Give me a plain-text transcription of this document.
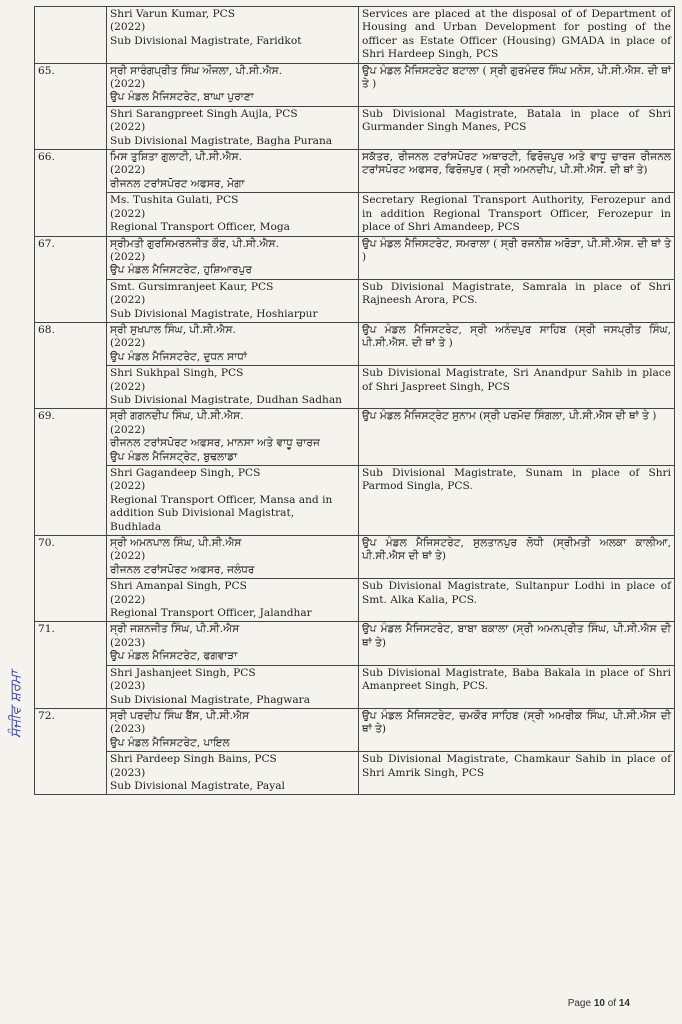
	Shri Varun Kumar, PCS
(2022)
Sub Divisional Magistrate, Faridkot	Services are placed at the disposal of of Department of Housing and Urban Development for posting of the officer as Estate Officer (Housing) GMADA in place of Shri Hardeep Singh, PCS
65.	ਸ੍ਰੀ ਸਾਰੰਗਪ੍ਰੀਤ ਸਿੰਘ ਔਜਲਾ, ਪੀ.ਸੀ.ਐਸ.
(2022)
ਉਪ ਮੰਡਲ ਮੈਜਿਸਟਰੇਟ, ਬਾਘਾ ਪੁਰਾਣਾ	ਉਪ ਮੰਡਲ ਮੈਜਿਸਟਰੇਟ ਬਟਾਲਾ ( ਸ੍ਰੀ ਗੁਰਮੰਦਰ ਸਿੰਘ ਮਨੇਸ, ਪੀ.ਸੀ.ਐਸ. ਦੀ ਥਾਂ ਤੇ )

	Shri Sarangpreet Singh Aujla, PCS
(2022)
Sub Divisional Magistrate, Bagha Purana	Sub Divisional Magistrate, Batala in place of Shri Gurmander Singh Manes, PCS
66.	ਮਿਸ ਤੁਸ਼ਿਤਾ ਗੁਲਾਟੀ, ਪੀ.ਸੀ.ਐਸ.
(2022)
ਰੀਜਨਲ ਟਰਾਂਸਪੋਰਟ ਅਫਸਰ, ਮੋਗਾ	ਸਕੱਤਰ, ਰੀਜਨਲ ਟਰਾਂਸਪੋਰਟ ਅਥਾਰਟੀ, ਫਿਰੋਜ਼ਪੁਰ ਅਤੇ ਵਾਧੂ ਚਾਰਜ ਰੀਜਨਲ ਟਰਾਂਸਪੋਰਟ ਅਫਸਰ, ਫਿਰੋਜ਼ਪੁਰ ( ਸ੍ਰੀ ਅਮਨਦੀਪ, ਪੀ.ਸੀ.ਐਸ. ਦੀ ਥਾਂ ਤੇ)

	Ms. Tushita Gulati, PCS
(2022)
Regional Transport Officer, Moga	Secretary Regional Transport Authority, Ferozepur and in addition Regional Transport Officer, Ferozepur in place of Shri Amandeep, PCS
67.	ਸ੍ਰੀਮਤੀ ਗੁਰਸਿਮਰਨਜੀਤ ਕੌਰ, ਪੀ.ਸੀ.ਐਸ.
(2022)
ਉਪ ਮੰਡਲ ਮੈਜਿਸਟਰੇਟ, ਹੁਸ਼ਿਆਰਪੁਰ	ਉਪ ਮੰਡਲ ਮੈਜਿਸਟਰੇਟ, ਸਮਰਾਲਾ ( ਸ੍ਰੀ ਰਜਨੀਸ਼ ਅਰੋੜਾ, ਪੀ.ਸੀ.ਐਸ. ਦੀ ਥਾਂ ਤੇ )

	Smt. Gursimranjeet Kaur, PCS
(2022)
Sub Divisional Magistrate, Hoshiarpur	Sub Divisional Magistrate, Samrala in place of Shri Rajneesh Arora, PCS.
68.	ਸ੍ਰੀ ਸੁਖਪਾਲ ਸਿੰਘ, ਪੀ.ਸੀ.ਐਸ.
(2022)
ਉਪ ਮੰਡਲ ਮੈਜਿਸਟਰੇਟ, ਦੁਧਨ ਸਾਧਾਂ	ਉਪ ਮੰਡਲ ਮੈਜਿਸਟਰੇਟ, ਸ੍ਰੀ ਅਨੰਦਪੁਰ ਸਾਹਿਬ (ਸ੍ਰੀ ਜਸਪ੍ਰੀਤ ਸਿੰਘ, ਪੀ.ਸੀ.ਐਸ. ਦੀ ਥਾਂ ਤੇ )

	Shri Sukhpal Singh, PCS
(2022)
Sub Divisional Magistrate, Dudhan Sadhan	Sub Divisional Magistrate, Sri Anandpur Sahib in place of Shri Jaspreet Singh, PCS
69.	ਸ੍ਰੀ ਗਗਨਦੀਪ ਸਿੰਘ, ਪੀ.ਸੀ.ਐਸ.
(2022)
ਰੀਜਨਲ ਟਰਾਂਸਪੋਰਟ ਅਫਸਰ, ਮਾਨਸਾ ਅਤੇ ਵਾਧੂ ਚਾਰਜ
ਉਪ ਮੰਡਲ ਮੈਜਿਸਟ੍ਰੇਟ, ਬੁਢਲਾਡਾ	ਉਪ ਮੰਡਲ ਮੈਜਿਸਟ੍ਰੇਟ ਸੁਨਾਮ (ਸ੍ਰੀ ਪਰਮੋਦ ਸਿੰਗਲਾ, ਪੀ.ਸੀ.ਐਸ ਦੀ ਥਾਂ ਤੇ )

	Shri Gagandeep Singh, PCS
(2022)
Regional Transport Officer, Mansa and in
addition Sub Divisional Magistrat,
Budhlada	Sub Divisional Magistrate, Sunam in place of Shri Parmod Singla, PCS.
70.	ਸ੍ਰੀ ਅਮਨਪਾਲ ਸਿੰਘ, ਪੀ.ਸੀ.ਐਸ
(2022)
ਰੀਜਨਲ ਟਰਾਂਸਪੋਰਟ ਅਫਸਰ, ਜਲੰਧਰ	ਉਪ ਮੰਡਲ ਮੈਜਿਸਟਰੇਟ, ਸੁਲਤਾਨਪੁਰ ਲੋਧੀ (ਸ੍ਰੀਮਤੀ ਅਲਕਾ ਕਾਲੀਆ, ਪੀ.ਸੀ.ਐਸ ਦੀ ਥਾਂ ਤੇ)

	Shri Amanpal Singh, PCS
(2022)
Regional Transport Officer, Jalandhar	Sub Divisional Magistrate, Sultanpur Lodhi in place of Smt. Alka Kalia, PCS.
71.	ਸ੍ਰੀ ਜਸ਼ਨਜੀਤ ਸਿੰਘ, ਪੀ.ਸੀ.ਐਸ
(2023)
ਉਪ ਮੰਡਲ ਮੈਜਿਸਟਰੇਟ, ਫਗਵਾੜਾ	ਉਪ ਮੰਡਲ ਮੈਜਿਸਟਰੇਟ, ਬਾਬਾ ਬਕਾਲਾ (ਸ੍ਰੀ ਅਮਨਪ੍ਰੀਤ ਸਿੰਘ, ਪੀ.ਸੀ.ਐਸ ਦੀ ਥਾਂ ਤੇ)

	Shri Jashanjeet Singh, PCS
(2023)
Sub Divisional Magistrate, Phagwara	Sub Divisional Magistrate, Baba Bakala in place of Shri Amanpreet Singh, PCS.
72.	ਸ੍ਰੀ ਪਰਦੀਪ ਸਿੰਘ ਬੈਂਸ, ਪੀ.ਸੀ.ਐਸ
(2023)
ਉਪ ਮੰਡਲ ਮੈਜਿਸਟਰੇਟ, ਪਾਇਲ	ਉਪ ਮੰਡਲ ਮੈਜਿਸਟਰੇਟ, ਚਮਕੌਰ ਸਾਹਿਬ (ਸ੍ਰੀ ਅਮਰੀਕ ਸਿੰਘ, ਪੀ.ਸੀ.ਐਸ ਦੀ ਥਾਂ ਤੇ)

	Shri Pardeep Singh Bains, PCS
(2023)
Sub Divisional Magistrate, Payal	Sub Divisional Magistrate, Chamkaur Sahib in place of Shri Amrik Singh, PCS
ਸੰਜੀਵ ਸ਼ਰਮਾ
Page 10 of 14
